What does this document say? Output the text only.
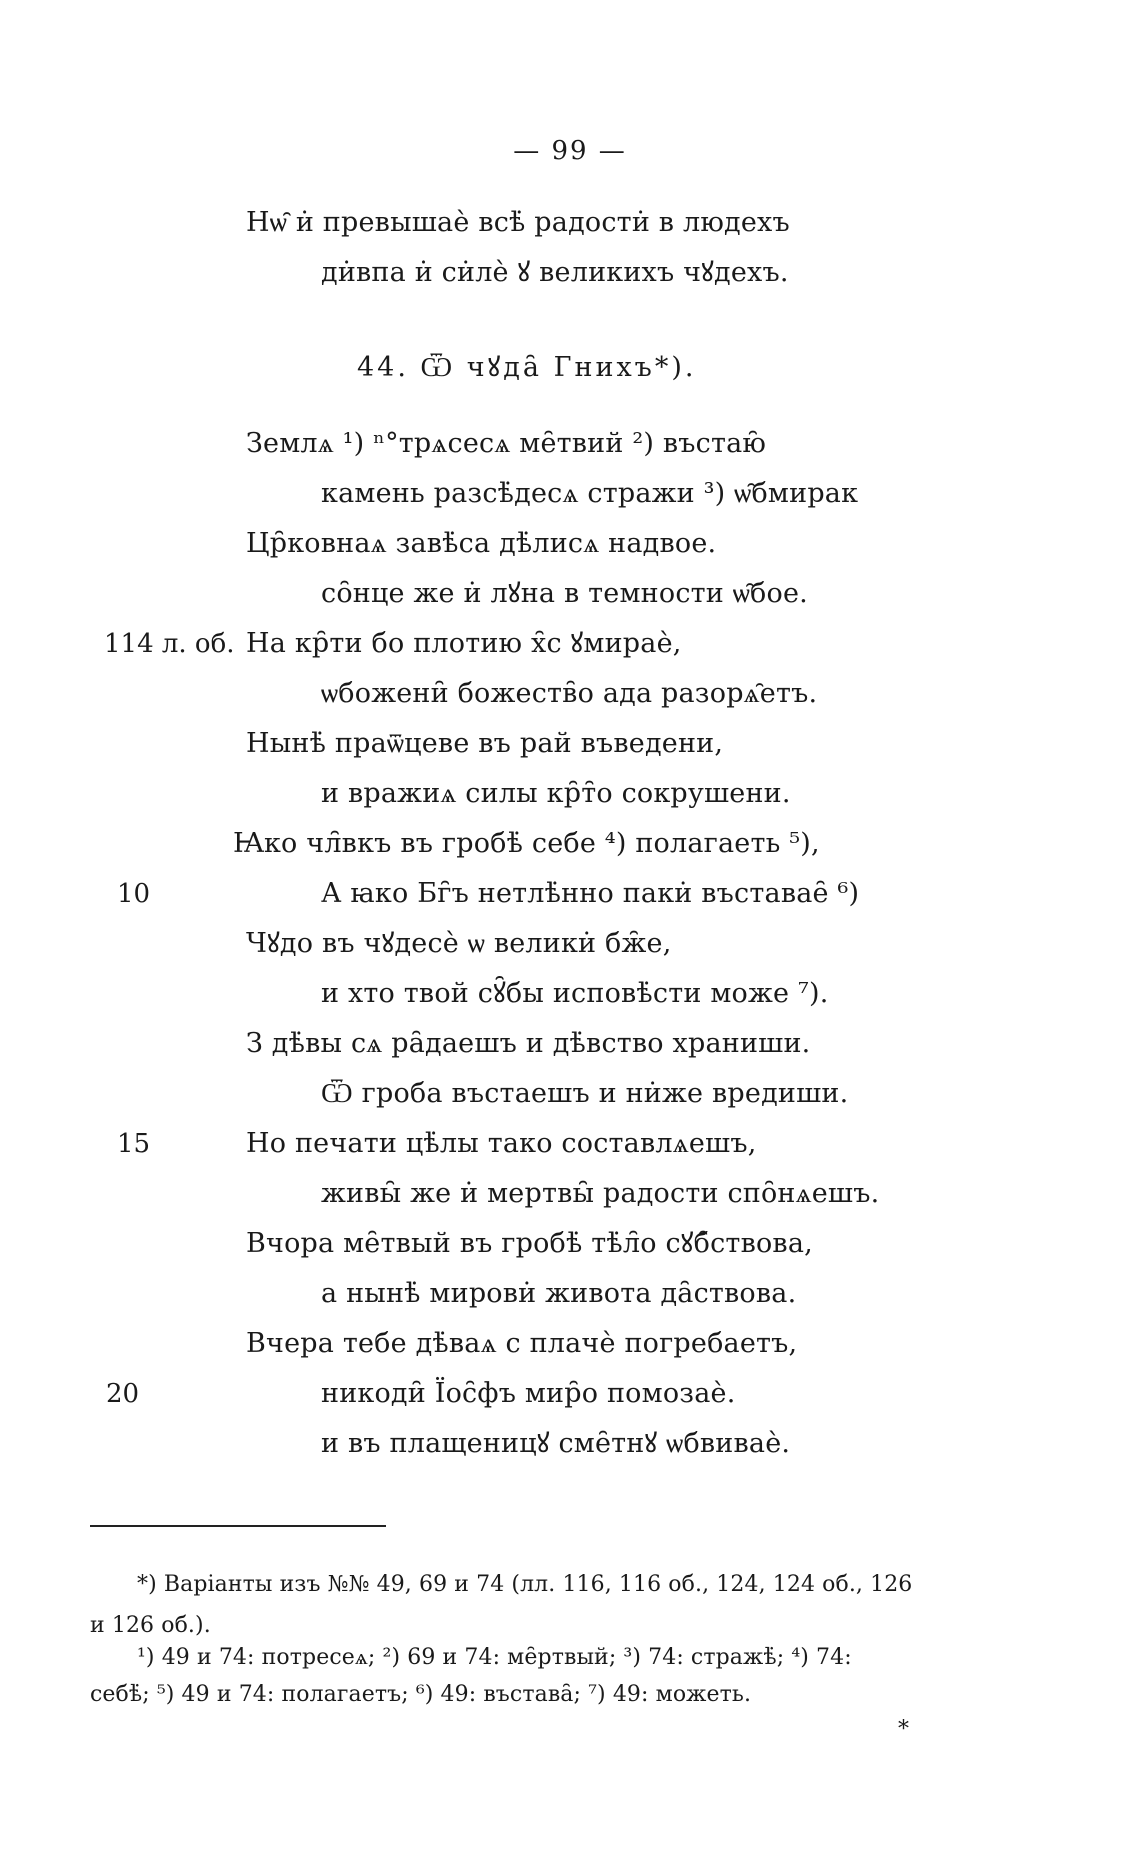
— 99 —
Нѡ̑ и̇ превышаѐ всѣ̇ радости̇ в людехъ
ди̇впа и̇ си̇лѐ ꙋ великихъ чꙋдехъ.
44. Ѿ чꙋда̑ Гнихъ*).
Землѧ ¹) ⁿ°трѧсесѧ ме̑твий ²) въстаю̑
камень разсѣ̇десѧ стражи ³) ѡ̑бмирак
Цр̑ковнаѧ завѣ̇са дѣ̇лисѧ надвое.
со̑нце же и̇ лꙋна в темности ѡ̑бое.
114 л. об. На кр̑ти бо плотию х̑с ꙋмираѐ,
ѡбожени̑ божеств̑о ада разорѧ̑етъ.
Нынѣ̇ праѿцеве въ рай въведени,
и вражиѧ силы кр̑т̑о сокрушени.
Ꙗко чл̑вкъ въ гробѣ̇ себе ⁴) полагаеть ⁵),
10	А ꙗко Бг̑ъ нетлѣ̇нно паки̇ въставае̑ ⁶)
Чꙋдо въ чꙋдесѐ ѡ велики̇ бж̑е,
и хто твой сꙋ̑бы исповѣ̇сти може ⁷).
З дѣ̇вы сѧ ра̑даешъ и дѣ̇вство храниши.
Ѿ гроба въстаешъ и ни̇же вредиши.
15	Но печати цѣ̇лы тако составлѧешъ,
живы̑ же и̇ мертвы̑ радости спо̑нѧешъ.
Вчора ме̑твый въ гробѣ̇ тѣ̇л̑о сꙋб̑ствова,
а нынѣ̇ мирови̇ живота да̑ствова.
Вчера тебе дѣ̇ваѧ с плачѐ погребаетъ,
20	никоди̑ Їос̑фъ мир̑о помозаѐ.
и въ плащеницꙋ сме̑тнꙋ ѡбвиваѐ.
*) Варіанты изъ №№ 49, 69 и 74 (лл. 116, 116 об., 124, 124 об., 126
и 126 об.).
¹) 49 и 74: потресеѧ; ²) 69 и 74: ме̑ртвый; ³) 74: стражѣ̇; ⁴) 74:
себѣ̇; ⁵) 49 и 74: полагаетъ; ⁶) 49: въстава̑; ⁷) 49: можеть.
*
